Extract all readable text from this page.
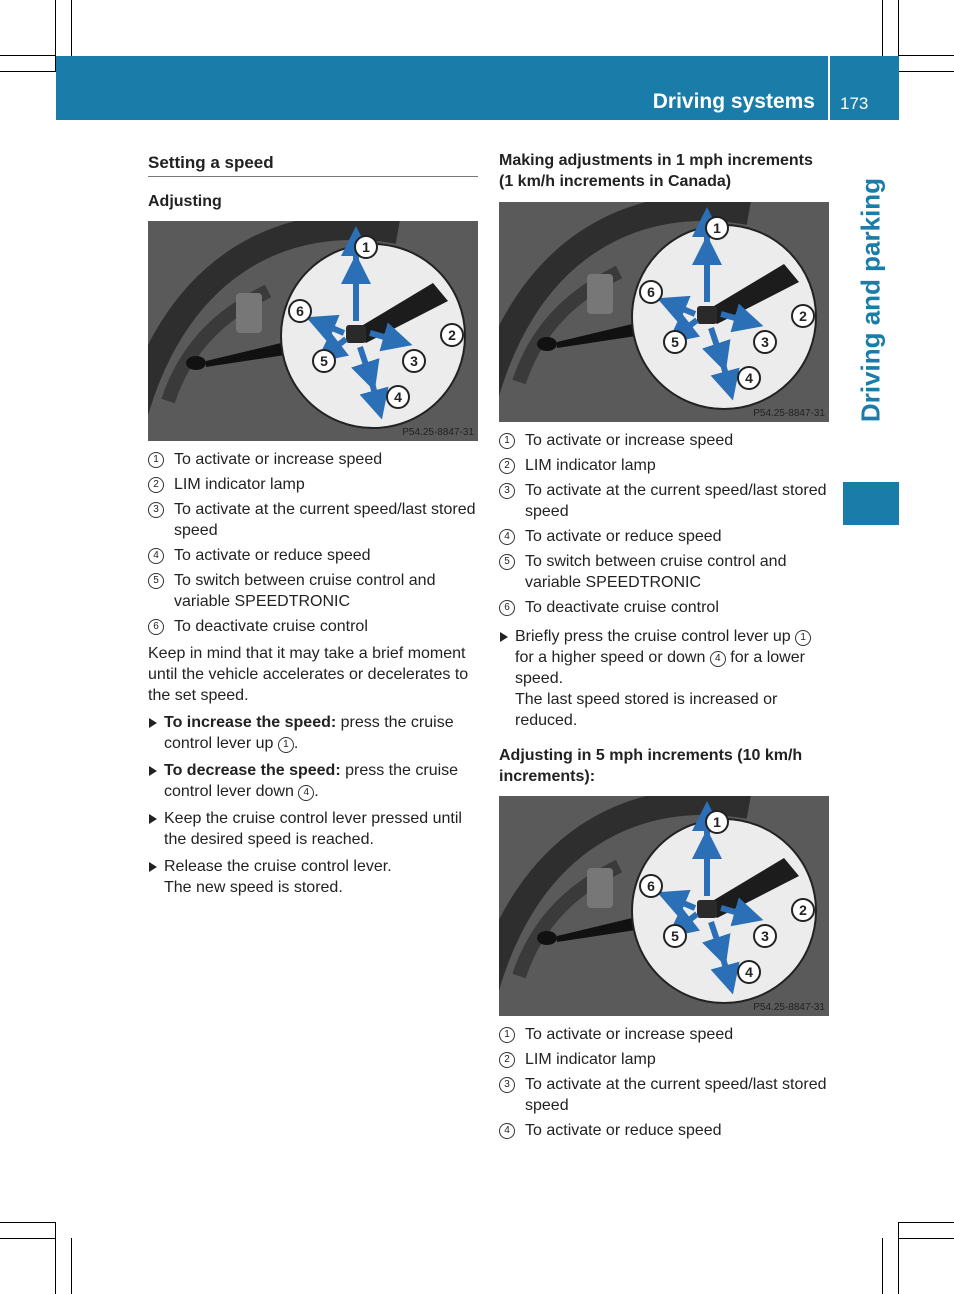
Driving systems 173
Driving and parking
Setting a speed
Adjusting
1
2
3
4
5
6
P54.25-8847-31
1 To activate or increase speed
2 LIM indicator lamp
3 To activate at the current speed/last stored speed
4 To activate or reduce speed
5 To switch between cruise control and variable SPEEDTRONIC
6 To deactivate cruise control

Keep in mind that it may take a brief moment until the vehicle accelerates or decelerates to the set speed.

To increase the speed: press the cruise control lever up 1 .
To decrease the speed: press the cruise control lever down 4 .
Keep the cruise control lever pressed until the desired speed is reached.
Release the cruise control lever.
The new speed is stored.
Making adjustments in 1 mph increments (1 km/h increments in Canada)
1
2
3
4
5
6
P54.25-8847-31
1 To activate or increase speed
2 LIM indicator lamp
3 To activate at the current speed/last stored speed
4 To activate or reduce speed
5 To switch between cruise control and variable SPEEDTRONIC
6 To deactivate cruise control
Briefly press the cruise control lever up 1 for a higher speed or down 4 for a lower speed.
The last speed stored is increased or reduced.
Adjusting in 5 mph increments (10 km/h increments):
1
2
3
4
5
6
P54.25-8847-31
1 To activate or increase speed
2 LIM indicator lamp
3 To activate at the current speed/last stored speed
4 To activate or reduce speed
